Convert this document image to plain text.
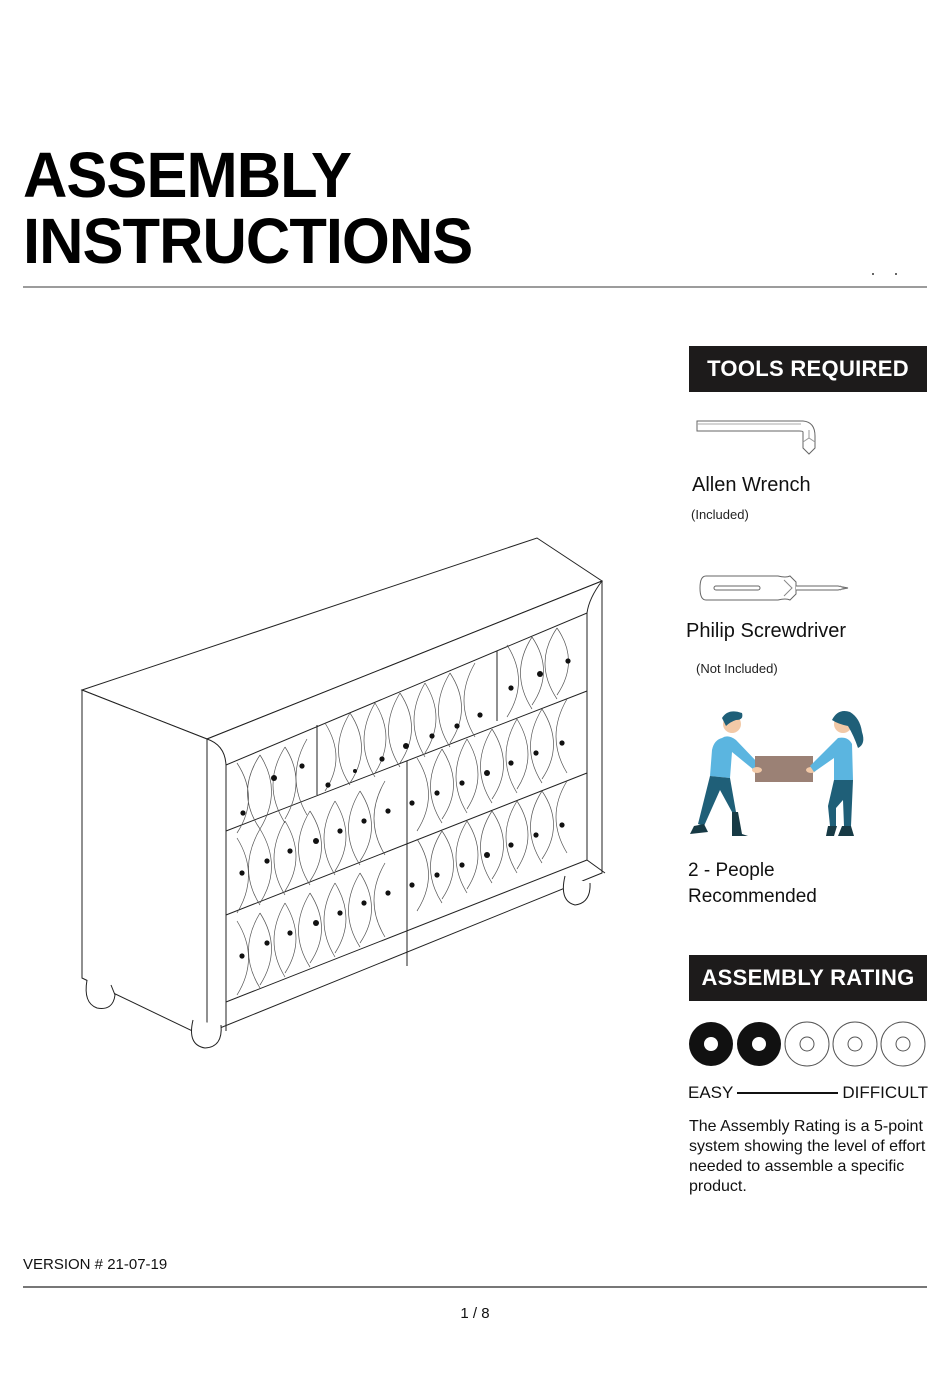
ASSEMBLY
INSTRUCTIONS
TOOLS REQUIRED
Allen Wrench
(Included)
Philip Screwdriver
(Not Included)
2 - People
Recommended
ASSEMBLY RATING
EASY	DIFFICULT
The Assembly Rating is a 5-point system showing the level of effort needed to assemble a specific product.
VERSION # 21-07-19
1 / 8
